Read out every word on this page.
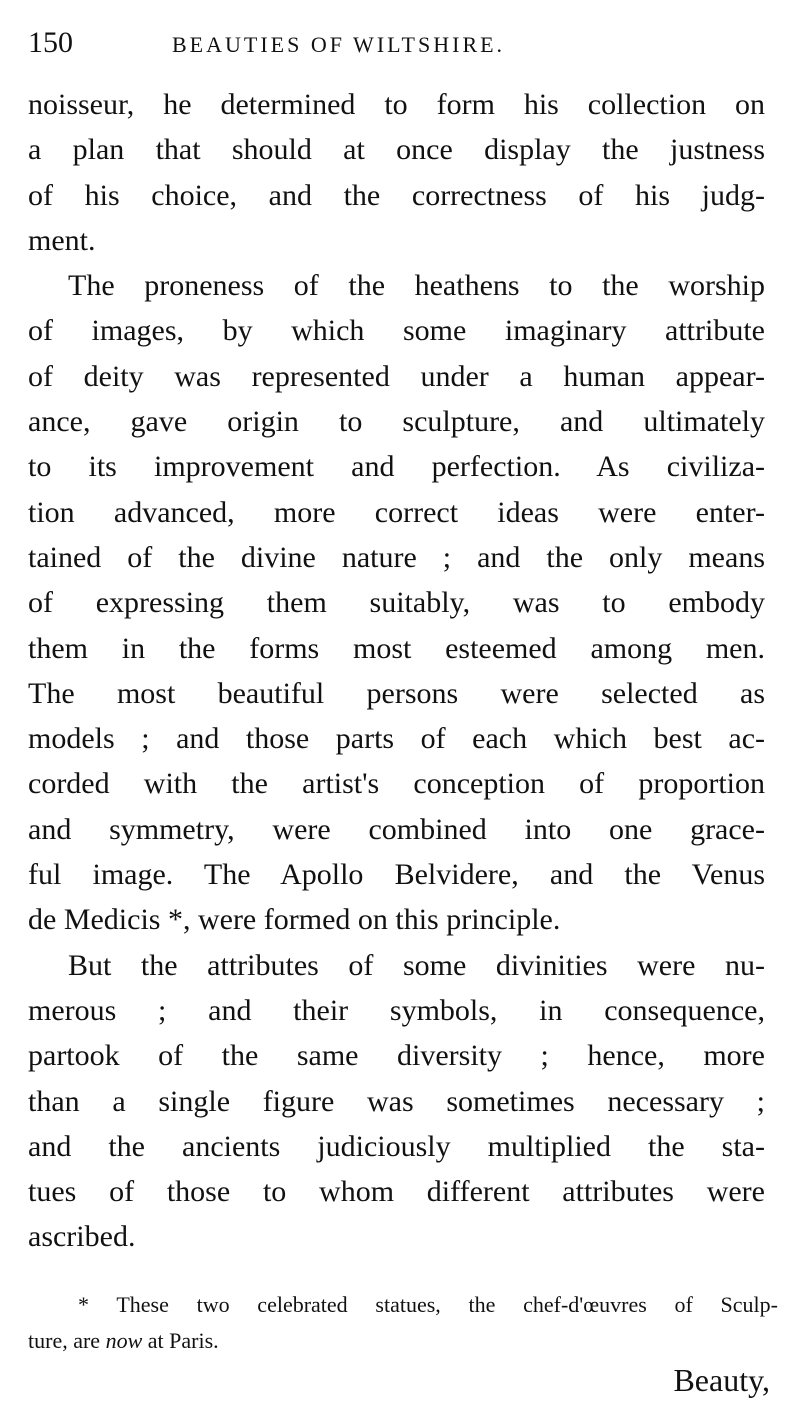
150	BEAUTIES OF WILTSHIRE.
noisseur, he determined to form his collection on
a plan that should at once display the justness
of his choice, and the correctness of his judg-
ment.
The proneness of the heathens to the worship
of images, by which some imaginary attribute
of deity was represented under a human appear-
ance, gave origin to sculpture, and ultimately
to its improvement and perfection. As civiliza-
tion advanced, more correct ideas were enter-
tained of the divine nature ; and the only means
of expressing them suitably, was to embody
them in the forms most esteemed among men.
The most beautiful persons were selected as
models ; and those parts of each which best ac-
corded with the artist's conception of proportion
and symmetry, were combined into one grace-
ful image. The Apollo Belvidere, and the Venus
de Medicis *, were formed on this principle.
But the attributes of some divinities were nu-
merous ; and their symbols, in consequence,
partook of the same diversity ; hence, more
than a single figure was sometimes necessary ;
and the ancients judiciously multiplied the sta-
tues of those to whom different attributes were
ascribed.
* These two celebrated statues, the chef-d'œuvres of Sculp-
ture, are now at Paris.
Beauty,
